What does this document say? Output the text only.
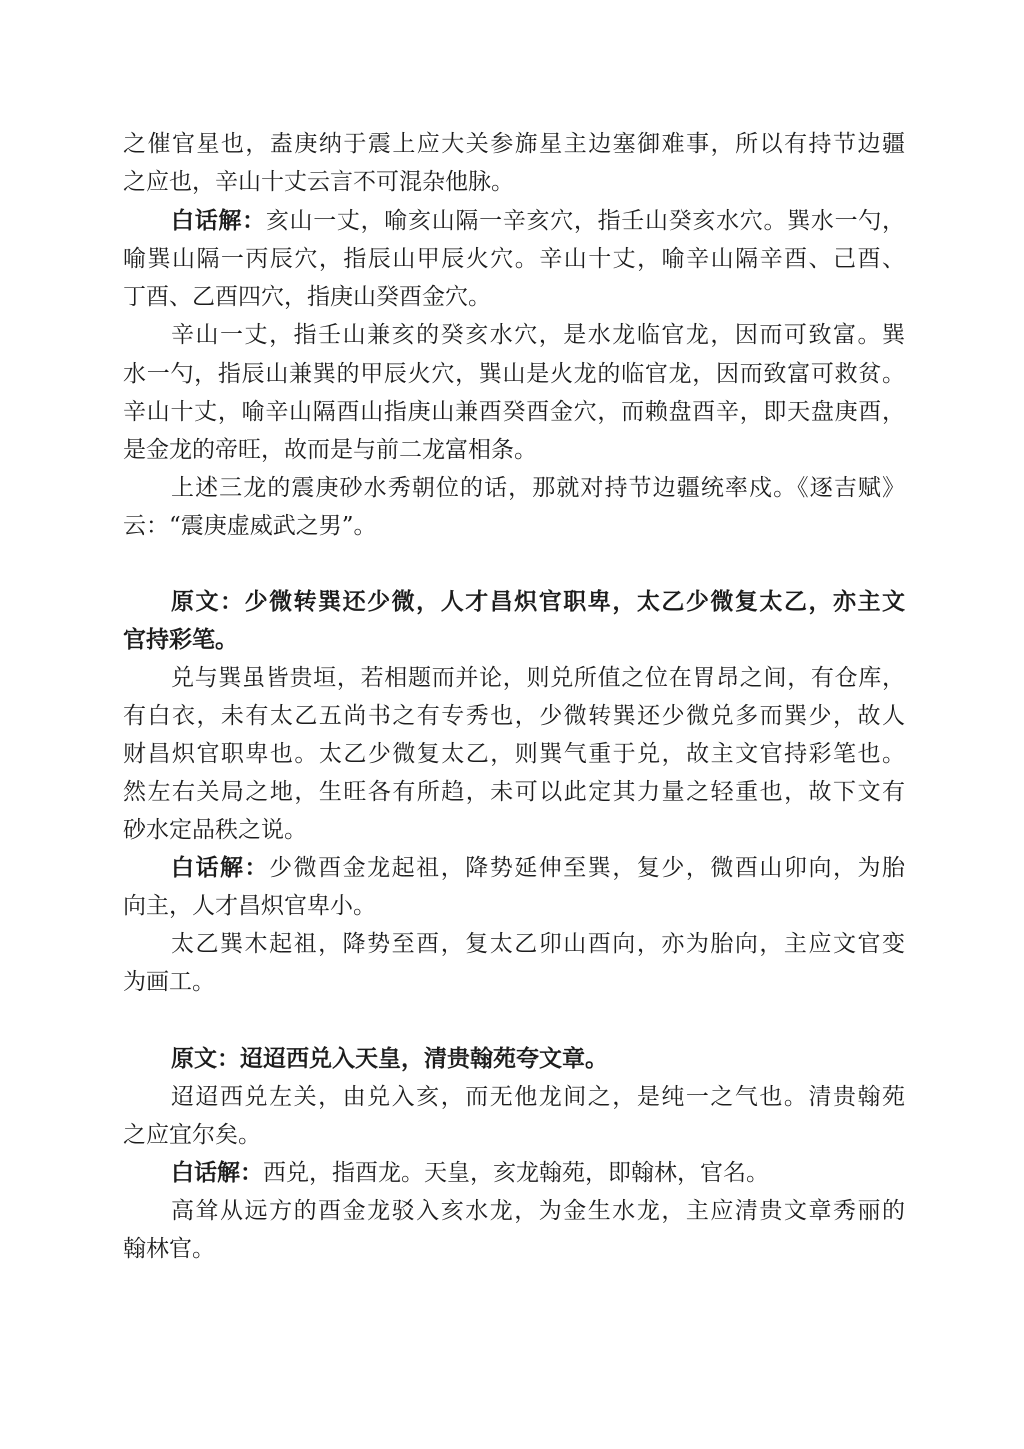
之催官星也，盍庚纳于震上应大关参旆星主边塞御难事，所以有持节边疆
之应也，辛山十丈云言不可混杂他脉。
白话解：亥山一丈，喻亥山隔一辛亥穴，指壬山癸亥水穴。巽水一勺，
喻巽山隔一丙辰穴，指辰山甲辰火穴。辛山十丈，喻辛山隔辛酉、己酉、
丁酉、乙酉四穴，指庚山癸酉金穴。
辛山一丈，指壬山兼亥的癸亥水穴，是水龙临官龙，因而可致富。巽
水一勺，指辰山兼巽的甲辰火穴，巽山是火龙的临官龙，因而致富可救贫。
辛山十丈，喻辛山隔酉山指庚山兼酉癸酉金穴，而赖盘酉辛，即天盘庚酉，
是金龙的帝旺，故而是与前二龙富相条。
上述三龙的震庚砂水秀朝位的话，那就对持节边疆统率戍。《逐吉赋》
云：“震庚虚威武之男”。
原文：少微转巽还少微，人才昌炽官职卑，太乙少微复太乙，亦主文
官持彩笔。
兑与巽虽皆贵垣，若相题而并论，则兑所值之位在胃昂之间，有仓库，
有白衣，未有太乙五尚书之有专秀也，少微转巽还少微兑多而巽少，故人
财昌炽官职卑也。太乙少微复太乙，则巽气重于兑，故主文官持彩笔也。
然左右关局之地，生旺各有所趋，未可以此定其力量之轻重也，故下文有
砂水定品秩之说。
白话解：少微酉金龙起祖，降势延伸至巽，复少，微酉山卯向，为胎
向主，人才昌炽官卑小。
太乙巽木起祖，降势至酉，复太乙卯山酉向，亦为胎向，主应文官变
为画工。
原文：迢迢西兑入天皇，清贵翰苑夸文章。
迢迢西兑左关，由兑入亥，而无他龙间之，是纯一之气也。清贵翰苑
之应宜尔矣。
白话解：西兑，指酉龙。天皇，亥龙翰苑，即翰林，官名。
高耸从远方的酉金龙驳入亥水龙，为金生水龙，主应清贵文章秀丽的
翰林官。
